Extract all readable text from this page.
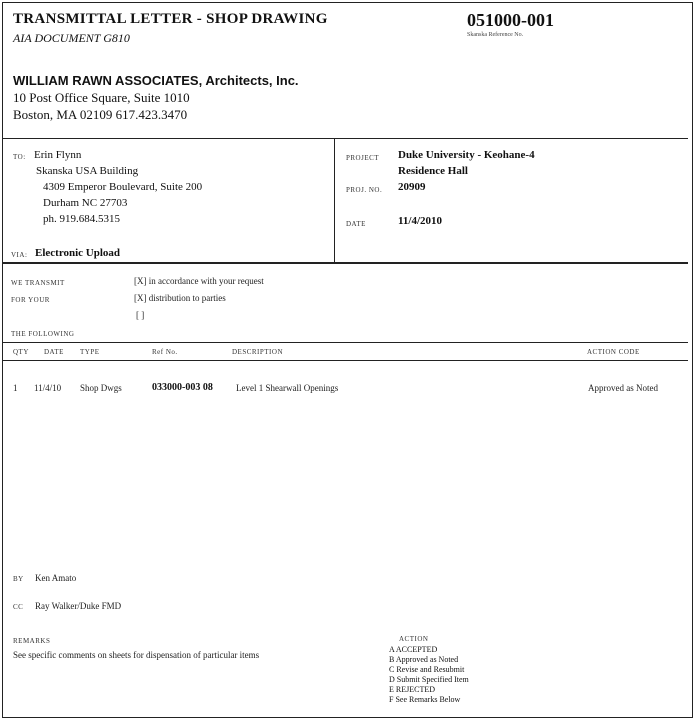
TRANSMITTAL LETTER - SHOP DRAWING
AIA DOCUMENT G810
051000-001
Skanska Reference No.
WILLIAM RAWN ASSOCIATES, Architects, Inc.
10 Post Office Square, Suite 1010
Boston, MA 02109 617.423.3470
TO: Erin Flynn
Skanska USA Building
4309 Emperor Boulevard, Suite 200
Durham NC 27703
ph. 919.684.5315
VIA: Electronic Upload
PROJECT Duke University - Keohane-4
Residence Hall
PROJ. NO. 20909
DATE	11/4/2010
WE TRANSMIT	[X] in accordance with your request
FOR YOUR	[X] distribution to parties
[ ]
THE FOLLOWING
QTY DATE TYPE	Ref No.	DESCRIPTION	ACTION CODE
1 11/4/10 Shop Dwgs	033000-003 08	Level 1 Shearwall Openings	Approved as Noted
BY Ken Amato
CC Ray Walker/Duke FMD
REMARKS
See specific comments on sheets for dispensation of particular items
ACTION
A ACCEPTED
B Approved as Noted
C Revise and Resubmit
D Submit Specified Item
E REJECTED
F See Remarks Below
